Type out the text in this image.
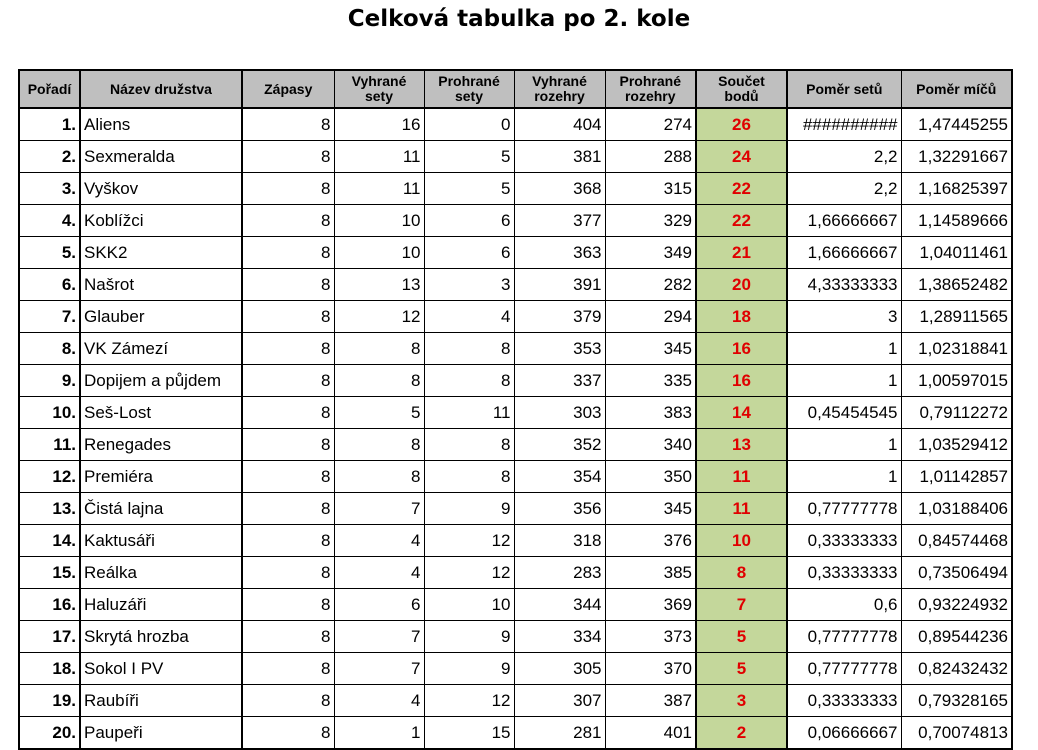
Celková tabulka po 2. kole
Pořadí	Název družstva	Zápasy	Vyhrané sety	Prohrané sety	Vyhrané rozehry	Prohrané rozehry	Součet bodů	Poměr setů	Poměr míčů
1.	Aliens	8	16	0	404	274	26	##########	1,47445255
2.	Sexmeralda	8	11	5	381	288	24	2,2	1,32291667
3.	Vyškov	8	11	5	368	315	22	2,2	1,16825397
4.	Koblížci	8	10	6	377	329	22	1,66666667	1,14589666
5.	SKK2	8	10	6	363	349	21	1,66666667	1,04011461
6.	Našrot	8	13	3	391	282	20	4,33333333	1,38652482
7.	Glauber	8	12	4	379	294	18	3	1,28911565
8.	VK Zámezí	8	8	8	353	345	16	1	1,02318841
9.	Dopijem a půjdem	8	8	8	337	335	16	1	1,00597015
10.	Seš-Lost	8	5	11	303	383	14	0,45454545	0,79112272
11.	Renegades	8	8	8	352	340	13	1	1,03529412
12.	Premiéra	8	8	8	354	350	11	1	1,01142857
13.	Čistá lajna	8	7	9	356	345	11	0,77777778	1,03188406
14.	Kaktusáři	8	4	12	318	376	10	0,33333333	0,84574468
15.	Reálka	8	4	12	283	385	8	0,33333333	0,73506494
16.	Haluzáři	8	6	10	344	369	7	0,6	0,93224932
17.	Skrytá hrozba	8	7	9	334	373	5	0,77777778	0,89544236
18.	Sokol I PV	8	7	9	305	370	5	0,77777778	0,82432432
19.	Raubíři	8	4	12	307	387	3	0,33333333	0,79328165
20.	Paupeři	8	1	15	281	401	2	0,06666667	0,70074813
